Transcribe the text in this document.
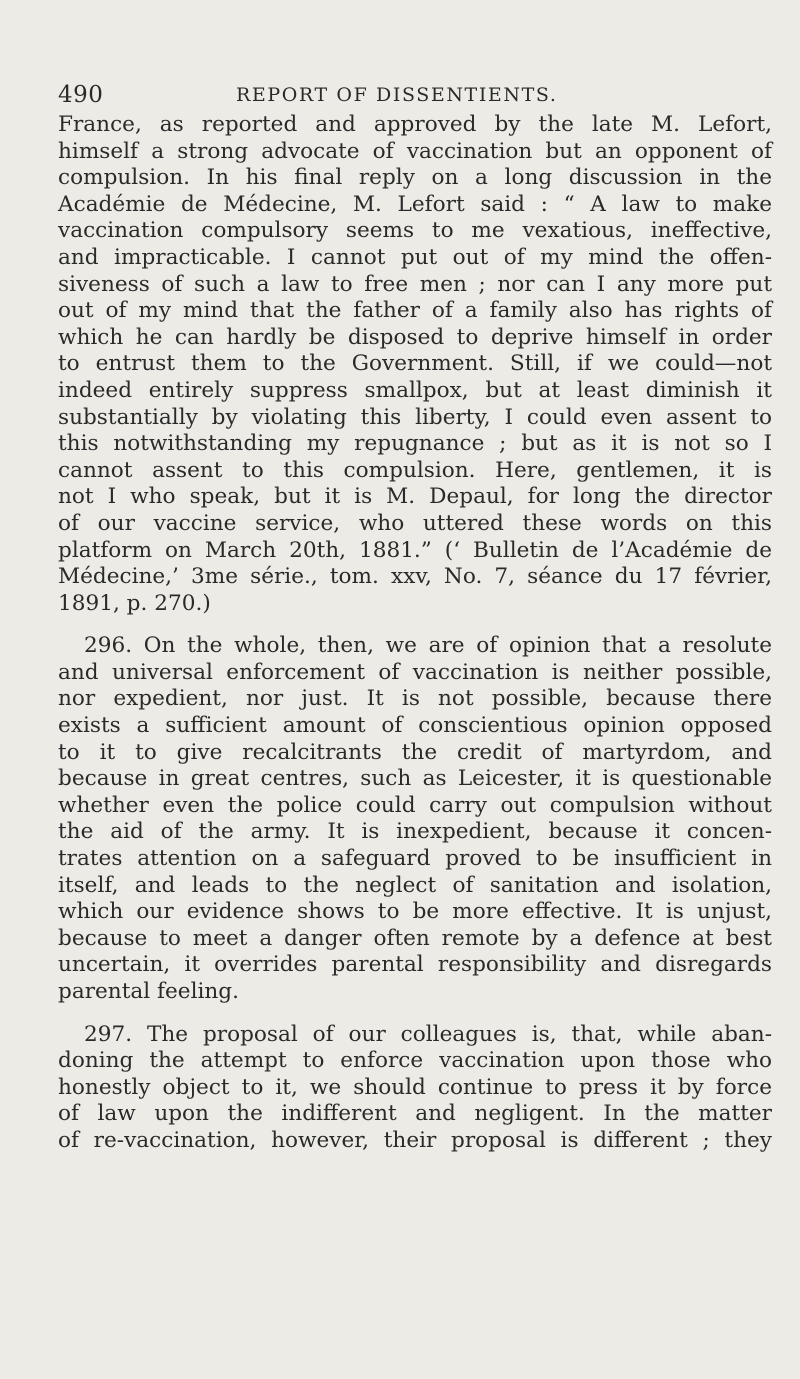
490	REPORT OF DISSENTIENTS.
France, as reported and approved by the late M. Lefort,
himself a strong advocate of vaccination but an opponent of
compulsion. In his final reply on a long discussion in the
Académie de Médecine, M. Lefort said : “ A law to make
vaccination compulsory seems to me vexatious, ineffective,
and impracticable. I cannot put out of my mind the offen-
siveness of such a law to free men ; nor can I any more put
out of my mind that the father of a family also has rights of
which he can hardly be disposed to deprive himself in order
to entrust them to the Government. Still, if we could—not
indeed entirely suppress smallpox, but at least diminish it
substantially by violating this liberty, I could even assent to
this notwithstanding my repugnance ; but as it is not so I
cannot assent to this compulsion. Here, gentlemen, it is
not I who speak, but it is M. Depaul, for long the director
of our vaccine service, who uttered these words on this
platform on March 20th, 1881.” (‘ Bulletin de l’Académie de
Médecine,’ 3me série., tom. xxv, No. 7, séance du 17 février,
1891, p. 270.)
296. On the whole, then, we are of opinion that a resolute
and universal enforcement of vaccination is neither possible,
nor expedient, nor just. It is not possible, because there
exists a sufficient amount of conscientious opinion opposed
to it to give recalcitrants the credit of martyrdom, and
because in great centres, such as Leicester, it is questionable
whether even the police could carry out compulsion without
the aid of the army. It is inexpedient, because it concen-
trates attention on a safeguard proved to be insufficient in
itself, and leads to the neglect of sanitation and isolation,
which our evidence shows to be more effective. It is unjust,
because to meet a danger often remote by a defence at best
uncertain, it overrides parental responsibility and disregards
parental feeling.
297. The proposal of our colleagues is, that, while aban-
doning the attempt to enforce vaccination upon those who
honestly object to it, we should continue to press it by force
of law upon the indifferent and negligent. In the matter
of re-vaccination, however, their proposal is different ; they
